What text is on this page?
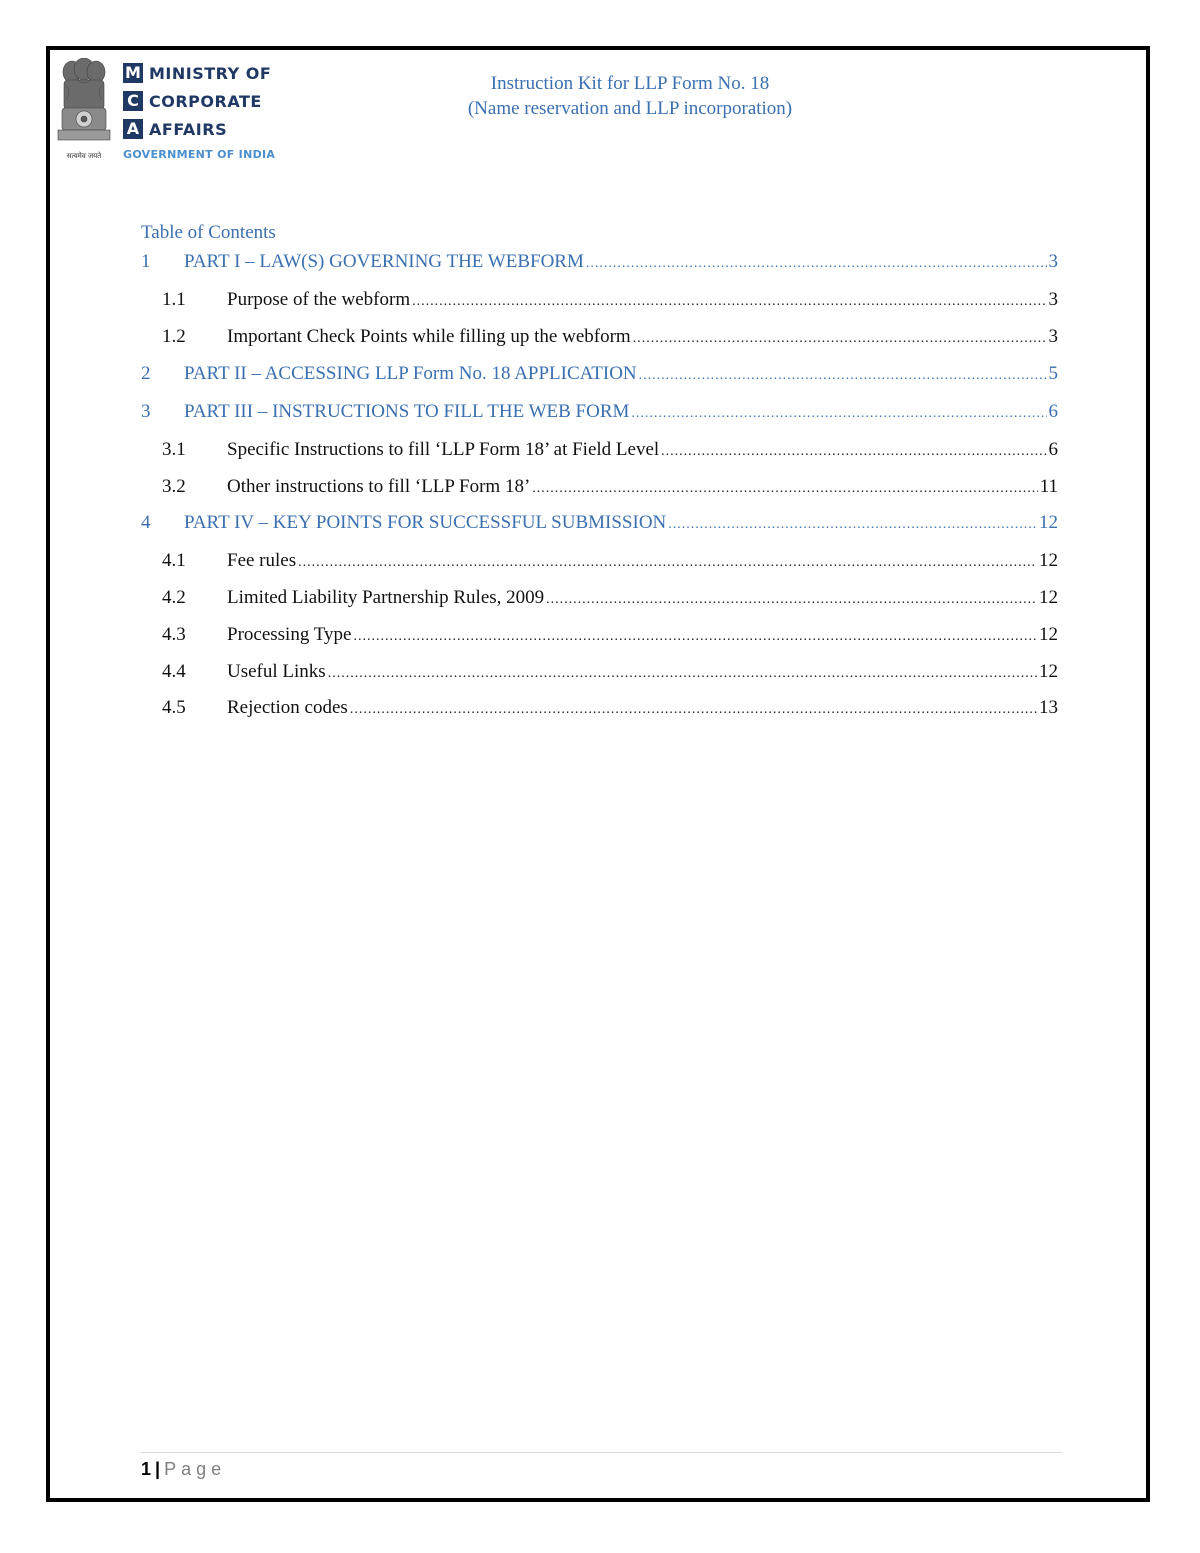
सत्यमेव जयते
M MINISTRY OF
C CORPORATE
A AFFAIRS
GOVERNMENT OF INDIA
Instruction Kit for LLP Form No. 18
(Name reservation and LLP incorporation)
Table of Contents
1 PART I – LAW(S) GOVERNING THE WEBFORM .....	3
1.1 Purpose of the webform .....	3
1.2 Important Check Points while filling up the webform .....	3
2 PART II – ACCESSING LLP Form No. 18 APPLICATION .....	5
3 PART III – INSTRUCTIONS TO FILL THE WEB FORM .....	6
3.1 Specific Instructions to fill ‘LLP Form 18’ at Field Level .....	6
3.2 Other instructions to fill ‘LLP Form 18’ .....	11
4 PART IV – KEY POINTS FOR SUCCESSFUL SUBMISSION .....	12
4.1 Fee rules .....	12
4.2 Limited Liability Partnership Rules, 2009 .....	12
4.3 Processing Type .....	12
4.4 Useful Links .....	12
4.5 Rejection codes .....	13
1 | Page
